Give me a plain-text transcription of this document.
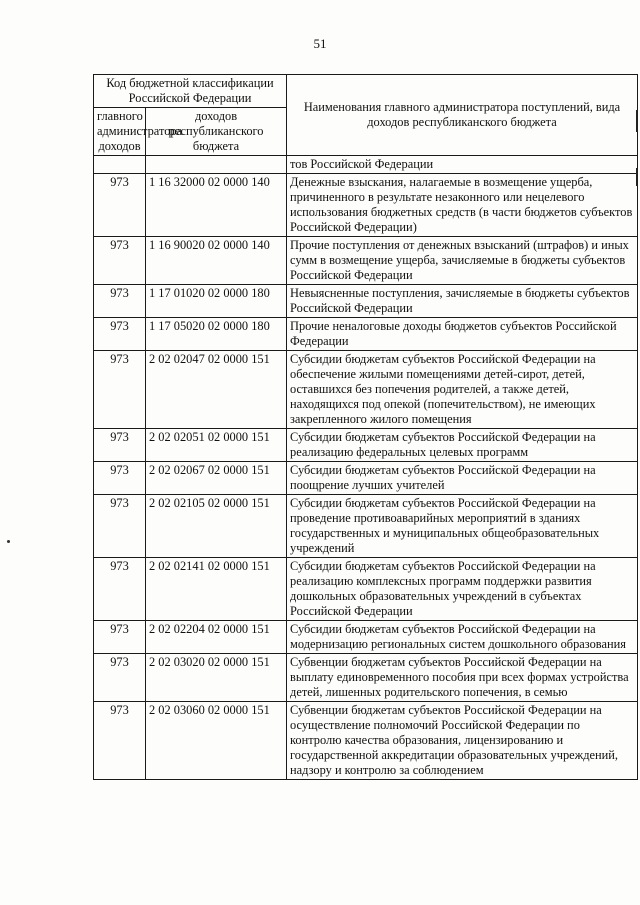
51
Код бюджетной классификации Российской Федерации		Наименования главного администратора поступлений, вида доходов республиканского бюджета
главного администратора доходов	доходов республиканского бюджета	
		тов Российской Федерации
973	1 16 32000 02 0000 140	Денежные взыскания, налагаемые в возмещение ущерба, причиненного в результате незаконного или нецелевого использования бюджетных средств (в части бюджетов субъектов Российской Федерации)
973	1 16 90020 02 0000 140	Прочие поступления от денежных взысканий (штрафов) и иных сумм в возмещение ущерба, зачисляемые в бюджеты субъектов Российской Федерации
973	1 17 01020 02 0000 180	Невыясненные поступления, зачисляемые в бюджеты субъектов Российской Федерации
973	1 17 05020 02 0000 180	Прочие неналоговые доходы бюджетов субъектов Российской Федерации
973	2 02 02047 02 0000 151	Субсидии бюджетам субъектов Российской Федерации на обеспечение жилыми помещениями детей-сирот, детей, оставшихся без попечения родителей, а также детей, находящихся под опекой (попечительством), не имеющих закрепленного жилого помещения
973	2 02 02051 02 0000 151	Субсидии бюджетам субъектов Российской Федерации на реализацию федеральных целевых программ
973	2 02 02067 02 0000 151	Субсидии бюджетам субъектов Российской Федерации на поощрение лучших учителей
973	2 02 02105 02 0000 151	Субсидии бюджетам субъектов Российской Федерации на проведение противоаварийных мероприятий в зданиях государственных и муниципальных общеобразовательных учреждений
973	2 02 02141 02 0000 151	Субсидии бюджетам субъектов Российской Федерации на реализацию комплексных программ поддержки развития дошкольных образовательных учреждений в субъектах Российской Федерации
973	2 02 02204 02 0000 151	Субсидии бюджетам субъектов Российской Федерации на модернизацию региональных систем дошкольного образования
973	2 02 03020 02 0000 151	Субвенции бюджетам субъектов Российской Федерации на выплату единовременного пособия при всех формах устройства детей, лишенных родительского попечения, в семью
973	2 02 03060 02 0000 151	Субвенции бюджетам субъектов Российской Федерации на осуществление полномочий Российской Федерации по контролю качества образования, лицензированию и государственной аккредитации образовательных учреждений, надзору и контролю за соблюдением
